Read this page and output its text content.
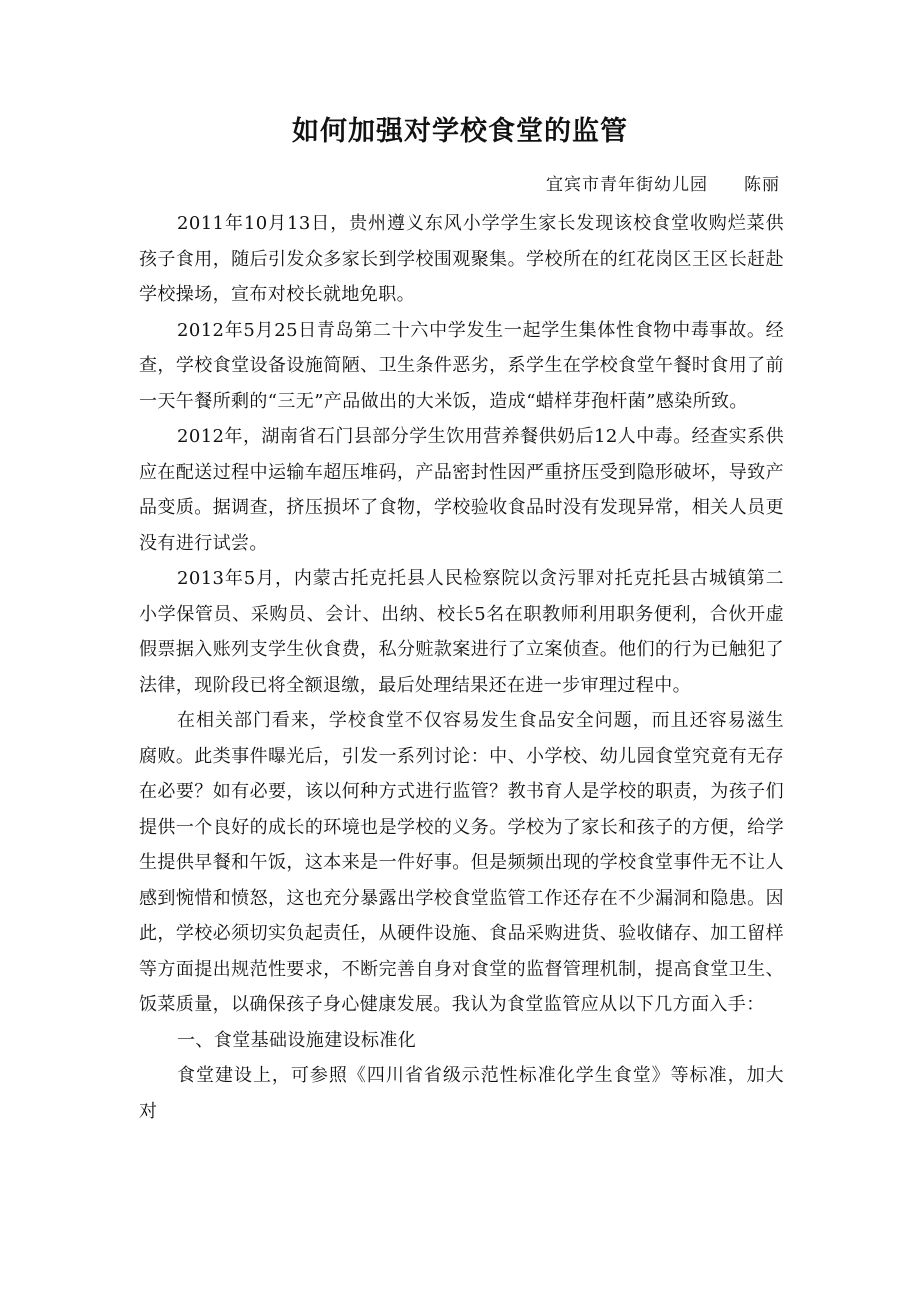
如何加强对学校食堂的监管
宜宾市青年街幼儿园 陈丽

2011年10月13日，贵州遵义东风小学学生家长发现该校食堂收购烂菜供孩子食用，随后引发众多家长到学校围观聚集。学校所在的红花岗区王区长赶赴学校操场，宣布对校长就地免职。

2012年5月25日青岛第二十六中学发生一起学生集体性食物中毒事故。经查，学校食堂设备设施简陋、卫生条件恶劣，系学生在学校食堂午餐时食用了前一天午餐所剩的“三无”产品做出的大米饭，造成“蜡样芽孢杆菌”感染所致。

2012年，湖南省石门县部分学生饮用营养餐供奶后12人中毒。经查实系供应在配送过程中运输车超压堆码，产品密封性因严重挤压受到隐形破坏，导致产品变质。据调查，挤压损坏了食物，学校验收食品时没有发现异常，相关人员更没有进行试尝。

2013年5月，内蒙古托克托县人民检察院以贪污罪对托克托县古城镇第二小学保管员、采购员、会计、出纳、校长5名在职教师利用职务便利，合伙开虚假票据入账列支学生伙食费，私分赃款案进行了立案侦查。他们的行为已触犯了法律，现阶段已将全额退缴，最后处理结果还在进一步审理过程中。

在相关部门看来，学校食堂不仅容易发生食品安全问题，而且还容易滋生腐败。此类事件曝光后，引发一系列讨论：中、小学校、幼儿园食堂究竟有无存在必要？如有必要，该以何种方式进行监管？教书育人是学校的职责，为孩子们提供一个良好的成长的环境也是学校的义务。学校为了家长和孩子的方便，给学生提供早餐和午饭，这本来是一件好事。但是频频出现的学校食堂事件无不让人感到惋惜和愤怒，这也充分暴露出学校食堂监管工作还存在不少漏洞和隐患。因此，学校必须切实负起责任，从硬件设施、食品采购进货、验收储存、加工留样等方面提出规范性要求，不断完善自身对食堂的监督管理机制，提高食堂卫生、饭菜质量，以确保孩子身心健康发展。我认为食堂监管应从以下几方面入手：

一、食堂基础设施建设标准化

食堂建设上，可参照《四川省省级示范性标准化学生食堂》等标准，加大对
